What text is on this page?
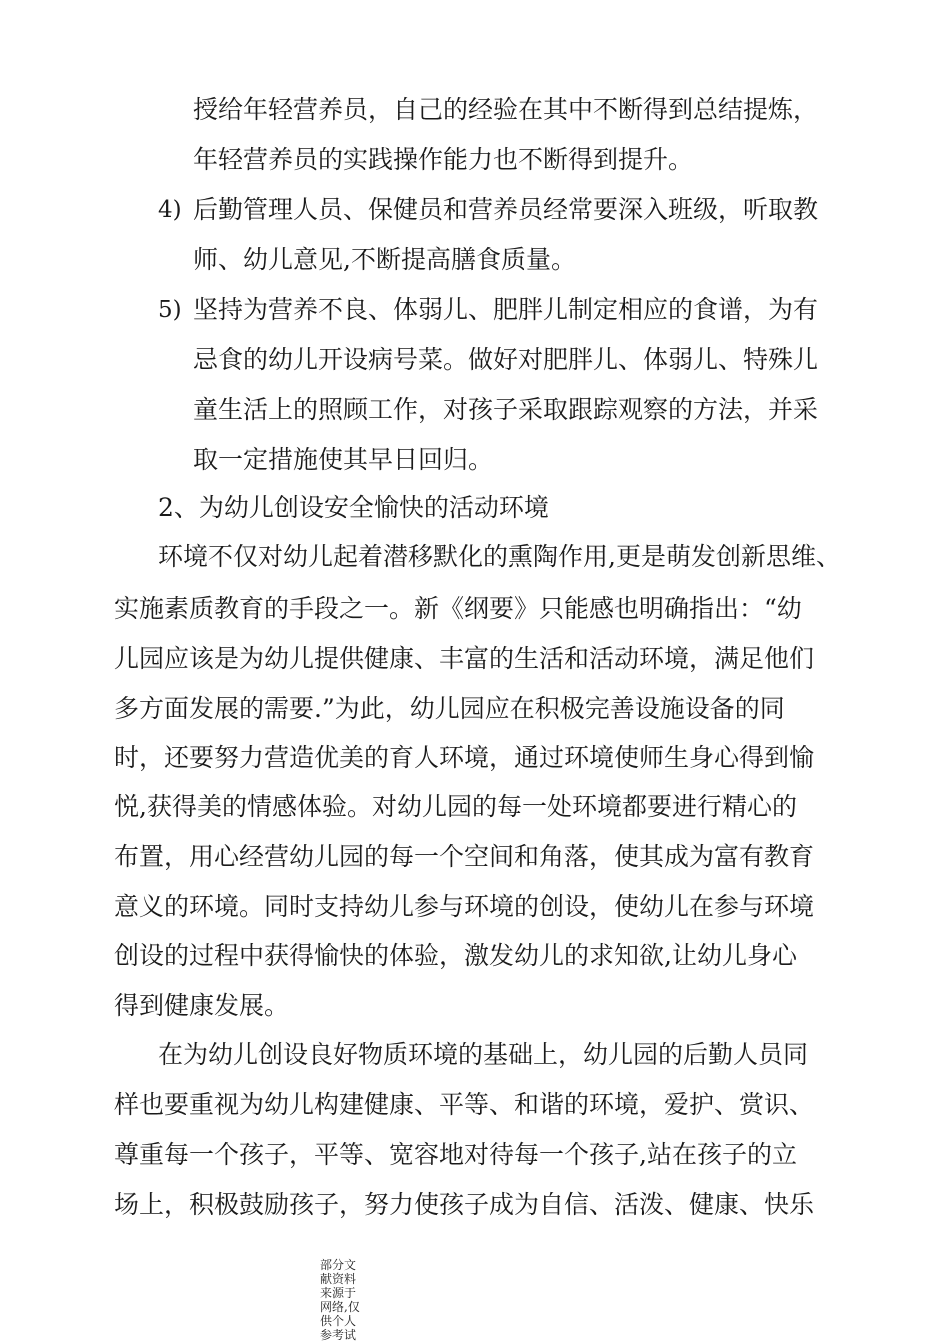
授给年轻营养员，自己的经验在其中不断得到总结提炼，
年轻营养员的实践操作能力也不断得到提升。
4) 后勤管理人员、保健员和营养员经常要深入班级，听取教
师、幼儿意见,不断提高膳食质量。
5) 坚持为营养不良、体弱儿、肥胖儿制定相应的食谱，为有
忌食的幼儿开设病号菜。做好对肥胖儿、体弱儿、特殊儿
童生活上的照顾工作，对孩子采取跟踪观察的方法，并采
取一定措施使其早日回归。
2、为幼儿创设安全愉快的活动环境
环境不仅对幼儿起着潜移默化的熏陶作用,更是萌发创新思维、
实施素质教育的手段之一。新《纲要》只能感也明确指出：“幼
儿园应该是为幼儿提供健康、丰富的生活和活动环境，满足他们
多方面发展的需要.”为此，幼儿园应在积极完善设施设备的同
时，还要努力营造优美的育人环境，通过环境使师生身心得到愉
悦,获得美的情感体验。对幼儿园的每一处环境都要进行精心的
布置，用心经营幼儿园的每一个空间和角落，使其成为富有教育
意义的环境。同时支持幼儿参与环境的创设，使幼儿在参与环境
创设的过程中获得愉快的体验，激发幼儿的求知欲,让幼儿身心
得到健康发展。
在为幼儿创设良好物质环境的基础上，幼儿园的后勤人员同
样也要重视为幼儿构建健康、平等、和谐的环境，爱护、赏识、
尊重每一个孩子，平等、宽容地对待每一个孩子,站在孩子的立
场上，积极鼓励孩子，努力使孩子成为自信、活泼、健康、快乐
部分文献资料来源于网络,仅供个人参考试
